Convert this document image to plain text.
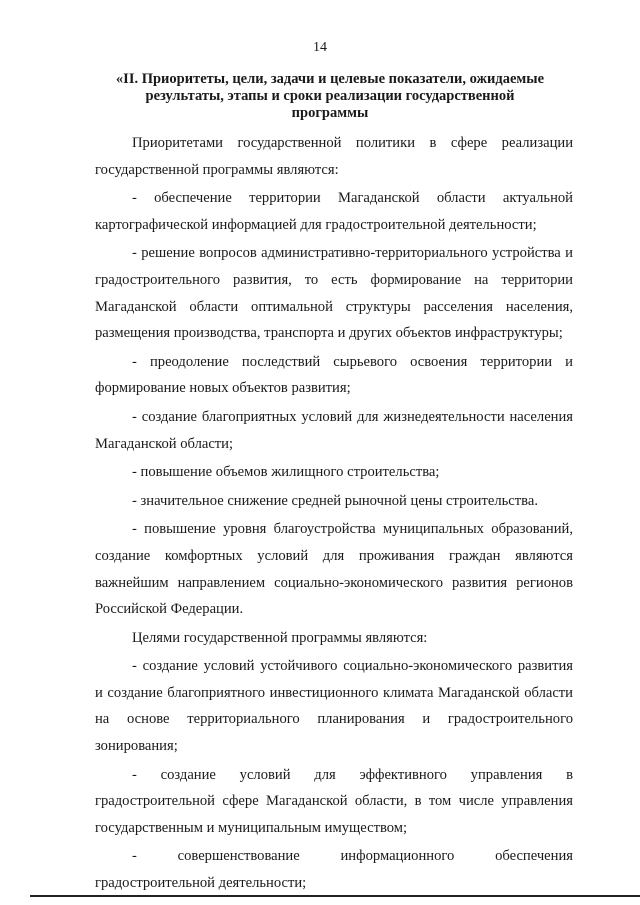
14
«II. Приоритеты, цели, задачи и целевые показатели, ожидаемые
результаты, этапы и сроки реализации государственной
программы

Приоритетами государственной политики в сфере реализации государственной программы являются:

- обеспечение территории Магаданской области актуальной картографической информацией для градостроительной деятельности;

- решение вопросов административно-территориального устройства и градостроительного развития, то есть формирование на территории Магаданской области оптимальной структуры расселения населения, размещения производства, транспорта и других объектов инфраструктуры;

- преодоление последствий сырьевого освоения территории и формирование новых объектов развития;

- создание благоприятных условий для жизнедеятельности населения Магаданской области;

- повышение объемов жилищного строительства;

- значительное снижение средней рыночной цены строительства.

- повышение уровня благоустройства муниципальных образований, создание комфортных условий для проживания граждан являются важнейшим направлением социально-экономического развития регионов Российской Федерации.

Целями государственной программы являются:

- создание условий устойчивого социально-экономического развития и создание благоприятного инвестиционного климата Магаданской области на основе территориального планирования и градостроительного зонирования;

- создание условий для эффективного управления в градостроительной сфере Магаданской области, в том числе управления государственным и муниципальным имуществом;

- совершенствование информационного обеспечения градостроительной деятельности;
